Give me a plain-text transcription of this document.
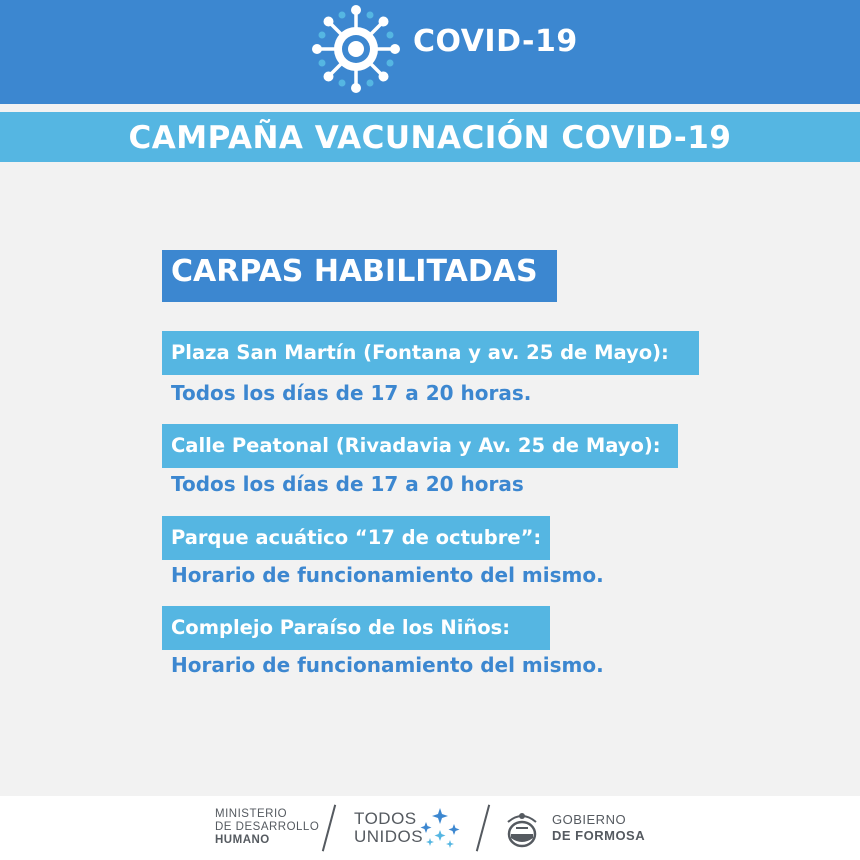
COVID-19
CAMPAÑA VACUNACIÓN COVID-19
CARPAS HABILITADAS
Plaza San Martín (Fontana y av. 25 de Mayo):
Todos los días de 17 a 20 horas.
Calle Peatonal (Rivadavia y Av. 25 de Mayo):
Todos los días de 17 a 20 horas
Parque acuático “17 de octubre”:
Horario de funcionamiento del mismo.
Complejo Paraíso de los Niños:
Horario de funcionamiento del mismo.
MINISTERIO
DE DESARROLLO
HUMANO
TODOS
UNIDOS
GOBIERNO
DE FORMOSA
